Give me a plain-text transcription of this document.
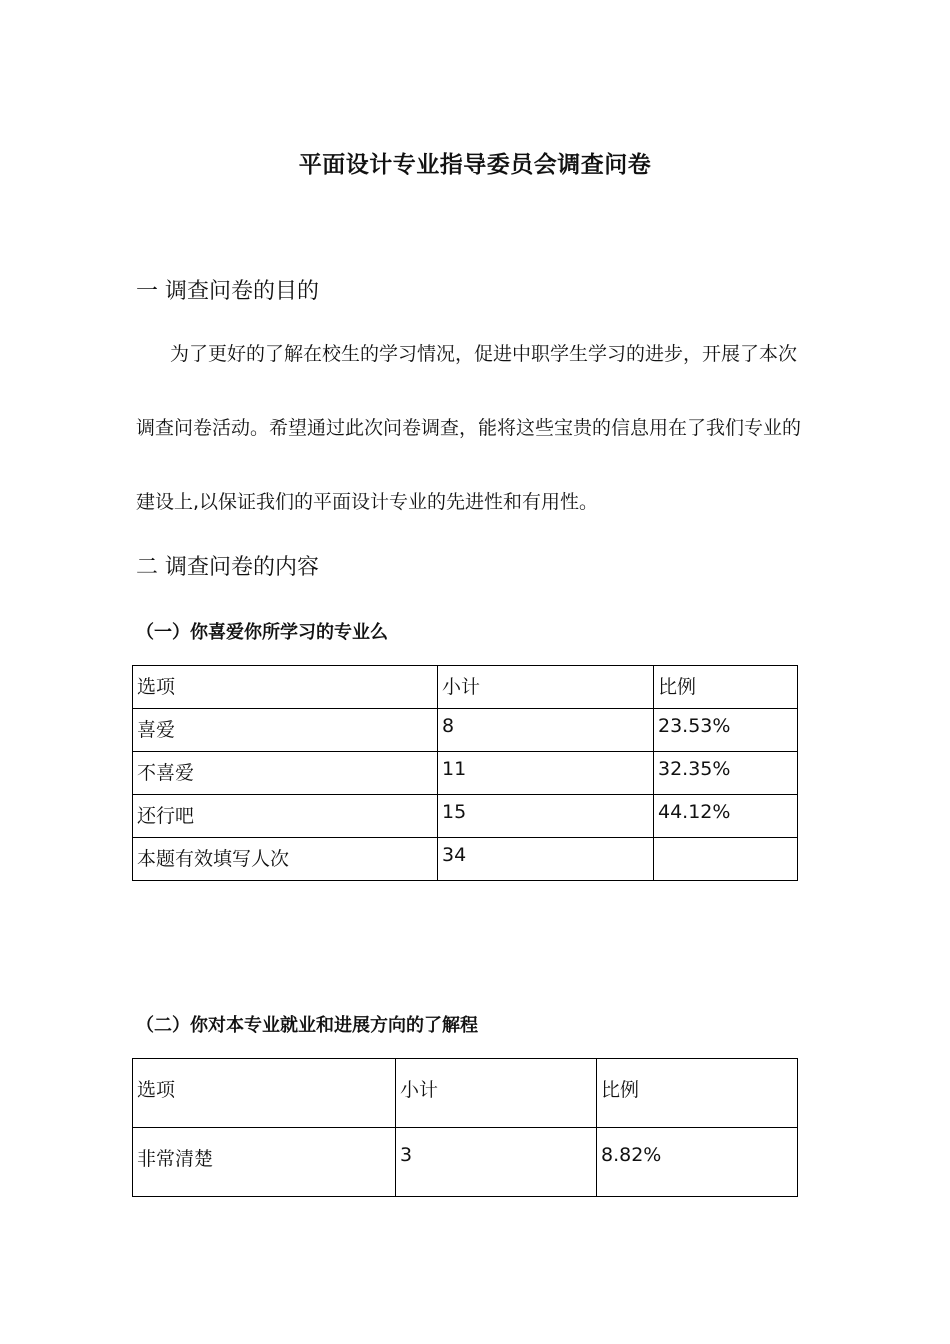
平面设计专业指导委员会调查问卷
一 调查问卷的目的
为了更好的了解在校生的学习情况，促进中职学生学习的进步，开展了本次
调查问卷活动。希望通过此次问卷调查，能将这些宝贵的信息用在了我们专业的
建设上,以保证我们的平面设计专业的先进性和有用性。
二 调查问卷的内容
（一）你喜爱你所学习的专业么
选项	小计	比例
喜爱	8	23.53%
不喜爱	11	32.35%
还行吧	15	44.12%
本题有效填写人次	34	
（二）你对本专业就业和进展方向的了解程
选项	小计	比例
非常清楚	3	8.82%
